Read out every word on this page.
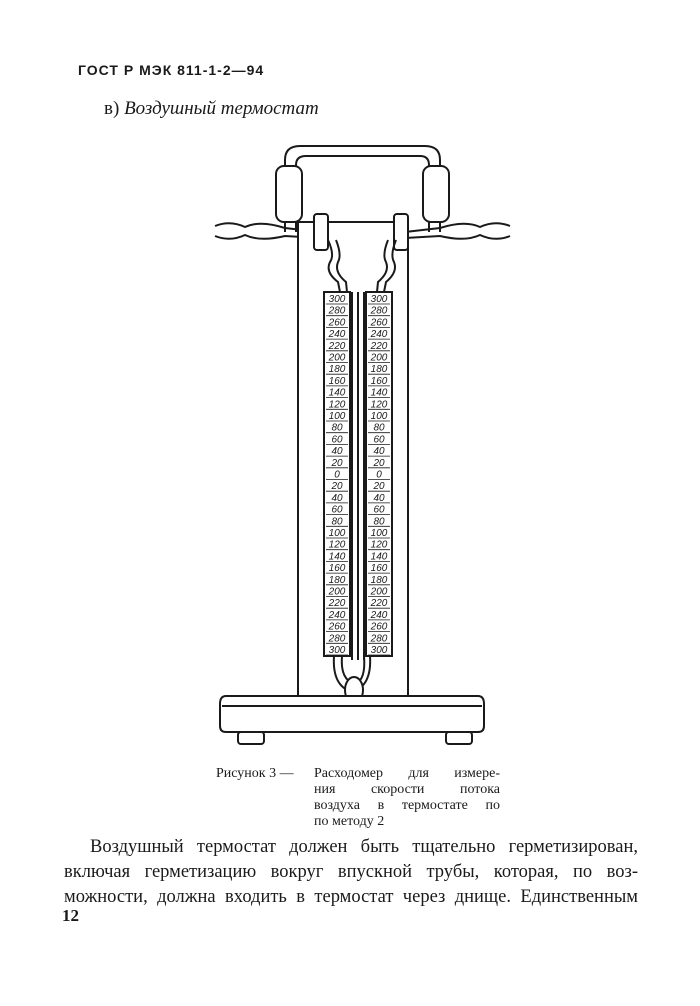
ГОСТ Р МЭК 811-1-2—94
в) Воздушный термостат
300
280
260
240
220
200
180
160
140
120
100
80
60
40
20
0
20
40
60
80
100
120
140
160
180
200
220
240
260
280
300
300
280
260
240
220
200
180
160
140
120
100
80
60
40
20
0
20
40
60
80
100
120
140
160
180
200
220
240
260
280
300
Рисунок 3 — Расходомер для измере-
ния скорости потока
воздуха в термостате по
по методу 2
Воздушный термостат должен быть тщательно герметизирован,
включая герметизацию вокруг впускной трубы, которая, по воз-
можности, должна входить в термостат через днище. Единственным
12
